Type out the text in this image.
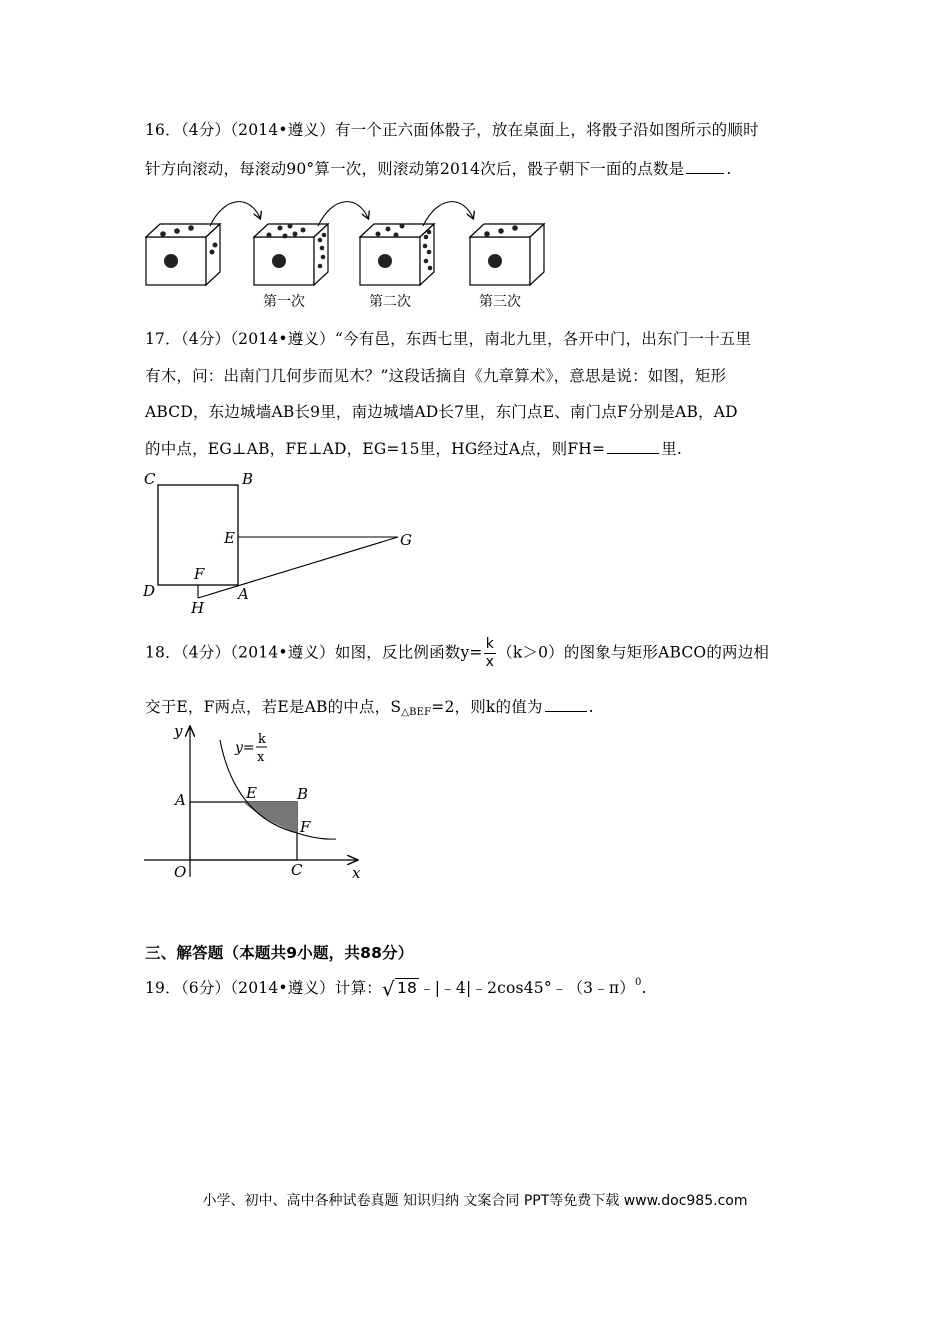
16．（4分）（2014•遵义）有一个正六面体骰子，放在桌面上，将骰子沿如图所示的顺时
针方向滚动，每滚动90°算一次，则滚动第2014次后，骰子朝下一面的点数是	.
第一次	第二次	第三次
17．（4分）（2014•遵义）“今有邑，东西七里，南北九里，各开中门，出东门一十五里
有木，问：出南门几何步而见木？”这段话摘自《九章算术》，意思是说：如图，矩形
ABCD，东边城墙AB长9里，南边城墙AD长7里，东门点E、南门点F分别是AB，AD
的中点，EG⊥AB，FE⊥AD，EG=15里，HG经过A点，则FH=	里.
C	B
E	G
F
D	A
H
18．（4分）（2014•遵义）如图，反比例函数$y= \frac{k}{x} (k>0)$的图象与矩形ABCO的两边相
交于E，F两点，若E是AB的中点，$S_{\triangle BEF}=2$，则k的值为	.
y
x
y=
k
x
A	E	B
F
O	C
三、解答题（本题共9小题，共88分）
19．（6分）（2014•遵义）计算：√ 18 ﹣|﹣4|﹣2cos45°﹣（3﹣π）$^0$.
小学、初中、高中各种试卷真题 知识归纳 文案合同 PPT等免费下载 www.doc985.com
